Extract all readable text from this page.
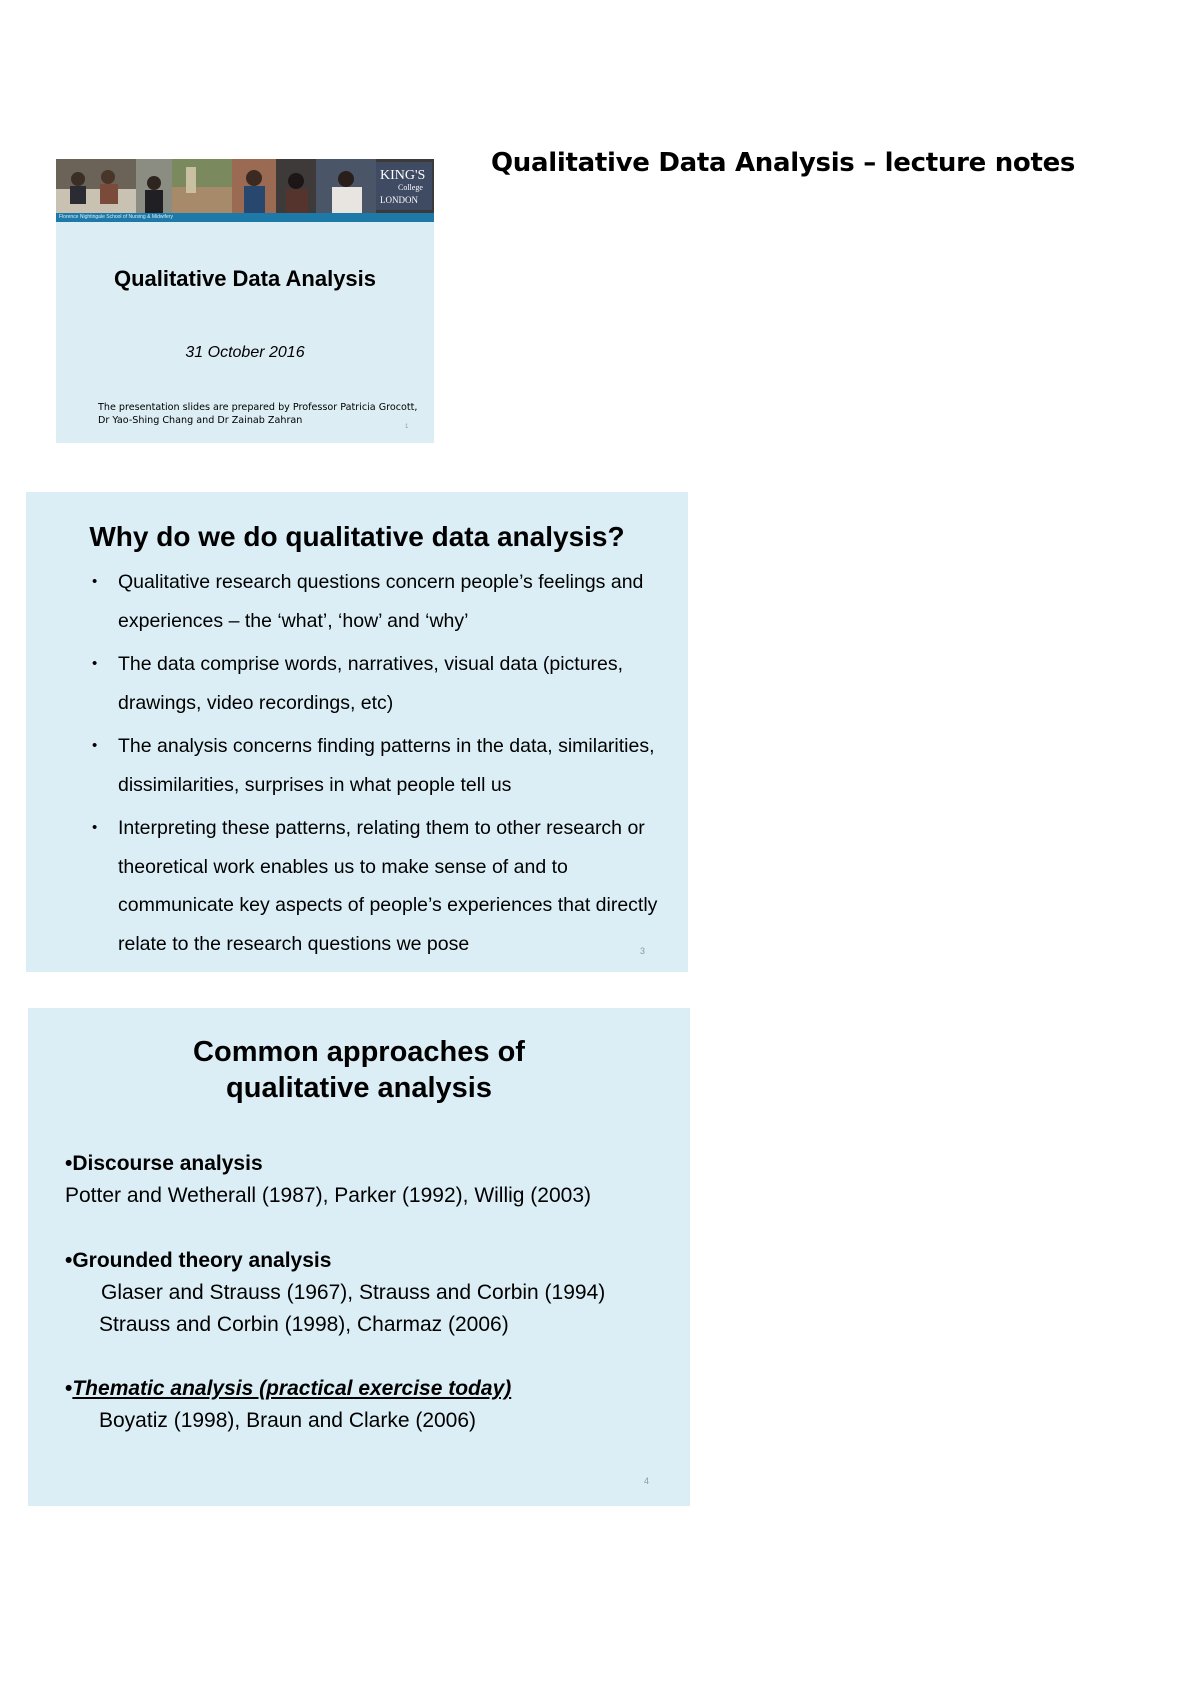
Qualitative Data Analysis – lecture notes
KING'S
College
LONDON
Florence Nightingale School of Nursing & Midwifery
Qualitative Data Analysis
31 October 2016
The presentation slides are prepared by Professor Patricia Grocott,
Dr Yao-Shing Chang and Dr Zainab Zahran
1
Why do we do qualitative data analysis?
• Qualitative research questions concern people’s feelings and experiences – the ‘what’, ‘how’ and ‘why’
• The data comprise words, narratives, visual data (pictures, drawings, video recordings, etc)
• The analysis concerns finding patterns in the data, similarities, dissimilarities, surprises in what people tell us
• Interpreting these patterns, relating them to other research or theoretical work enables us to make sense of and to communicate key aspects of people’s experiences that directly relate to the research questions we pose	3
Common approaches of
qualitative analysis
•Discourse analysis
Potter and Wetherall (1987), Parker (1992), Willig (2003)
•Grounded theory analysis
Glaser and Strauss (1967), Strauss and Corbin (1994)
Strauss and Corbin (1998), Charmaz (2006)
•Thematic analysis (practical exercise today)
Boyatiz (1998), Braun and Clarke (2006)
4
